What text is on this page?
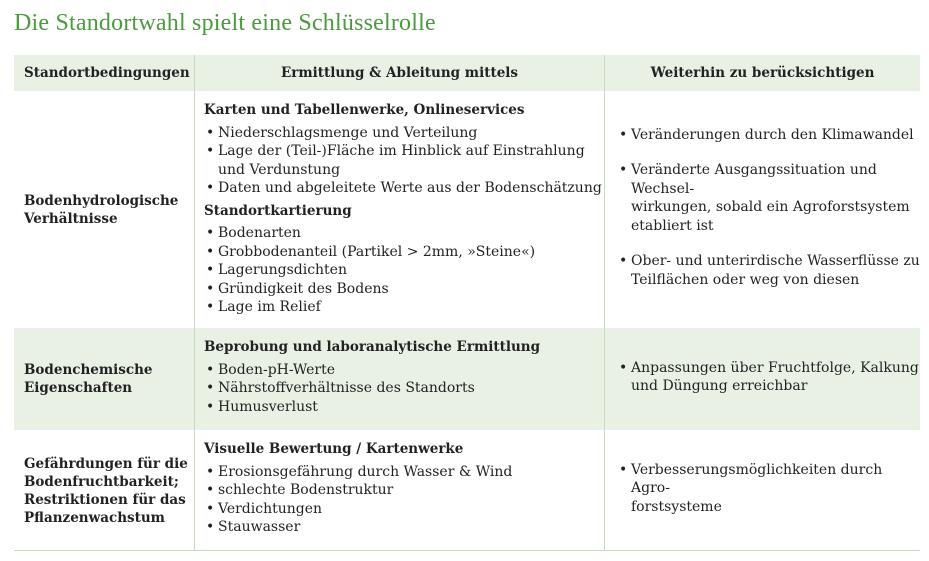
Die Standortwahl spielt eine Schlüsselrolle
Standortbedingungen	Ermittlung & Ableitung mittels	Weiterhin zu berücksichtigen
Bodenhydrologische
Verhältnisse
Karten und Tabellenwerke, Onlineservices
• Niederschlagsmenge und Verteilung
• Lage der (Teil-)Fläche im Hinblick auf Einstrahlung
und Verdunstung
• Daten und abgeleitete Werte aus der Bodenschätzung
Standortkartierung
• Bodenarten
• Grobbodenanteil (Partikel > 2mm, »Steine«)
• Lagerungsdichten
• Gründigkeit des Bodens
• Lage im Relief
• Veränderungen durch den Klimawandel
• Veränderte Ausgangssituation und Wechsel-
wirkungen, sobald ein Agroforstsystem
etabliert ist
• Ober- und unterirdische Wasserflüsse zu
Teilflächen oder weg von diesen
Bodenchemische
Eigenschaften
Beprobung und laboranalytische Ermittlung
• Boden-pH-Werte
• Nährstoffverhältnisse des Standorts
• Humusverlust
• Anpassungen über Fruchtfolge, Kalkung
und Düngung erreichbar
Gefährdungen für die
Bodenfruchtbarkeit;
Restriktionen für das
Pflanzenwachstum
Visuelle Bewertung / Kartenwerke
• Erosionsgefährung durch Wasser & Wind
• schlechte Bodenstruktur
• Verdichtungen
• Stauwasser
• Verbesserungsmöglichkeiten durch Agro-
forstsysteme
